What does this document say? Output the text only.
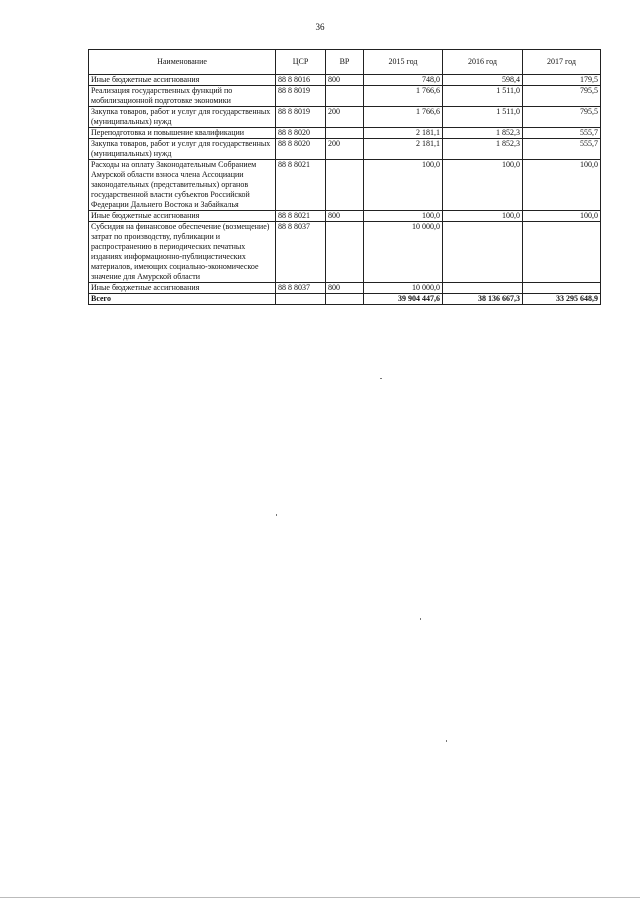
36
Наименование	ЦСР	ВР	2015 год	2016 год	2017 год
Иные бюджетные ассигнования	88 8 8016	800	748,0	598,4	179,5
Реализация государственных функций по мобилизационной подготовке экономики	88 8 8019		1 766,6	1 511,0	795,5
Закупка товаров, работ и услуг для государственных (муниципальных) нужд	88 8 8019	200	1 766,6	1 511,0	795,5
Переподготовка и повышение квалификации	88 8 8020		2 181,1	1 852,3	555,7
Закупка товаров, работ и услуг для государственных (муниципальных) нужд	88 8 8020	200	2 181,1	1 852,3	555,7
Расходы на оплату Законодательным Собранием Амурской области взноса члена Ассоциации законодательных (представительных) органов государственной власти субъектов Российской Федерации Дальнего Востока и Забайкалья	88 8 8021		100,0	100,0	100,0
Иные бюджетные ассигнования	88 8 8021	800	100,0	100,0	100,0
Субсидия на финансовое обеспечение (возмещение) затрат по производству, публикации и распространению в периодических печатных изданиях информационно-публицистических материалов, имеющих социально-экономическое значение для Амурской области	88 8 8037		10 000,0		
Иные бюджетные ассигнования	88 8 8037	800	10 000,0		
Всего			39 904 447,6	38 136 667,3	33 295 648,9
